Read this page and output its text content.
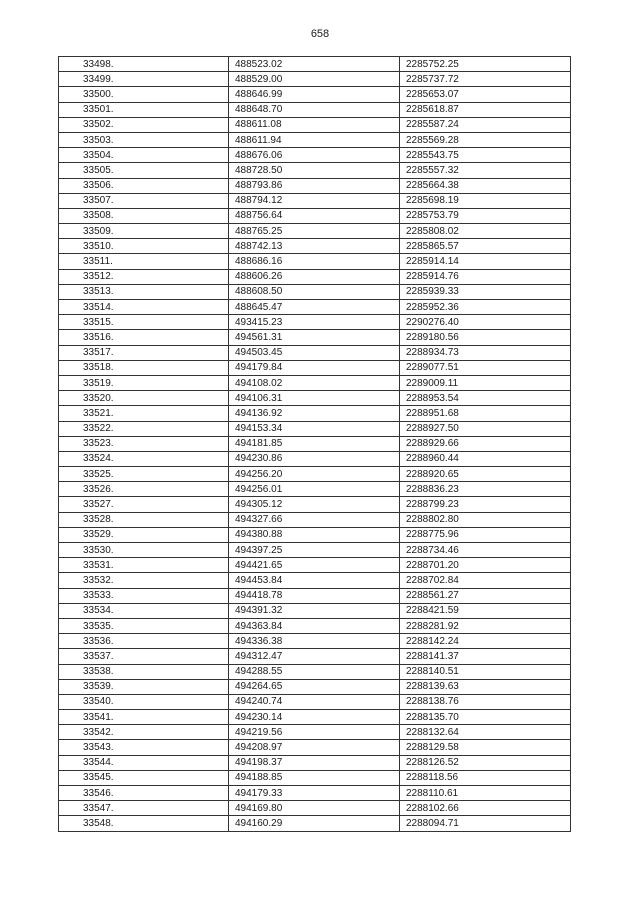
658
33498.	488523.02	2285752.25
33499.	488529.00	2285737.72
33500.	488646.99	2285653.07
33501.	488648.70	2285618.87
33502.	488611.08	2285587.24
33503.	488611.94	2285569.28
33504.	488676.06	2285543.75
33505.	488728.50	2285557.32
33506.	488793.86	2285664.38
33507.	488794.12	2285698.19
33508.	488756.64	2285753.79
33509.	488765.25	2285808.02
33510.	488742.13	2285865.57
33511.	488686.16	2285914.14
33512.	488606.26	2285914.76
33513.	488608.50	2285939.33
33514.	488645.47	2285952.36
33515.	493415.23	2290276.40
33516.	494561.31	2289180.56
33517.	494503.45	2288934.73
33518.	494179.84	2289077.51
33519.	494108.02	2289009.11
33520.	494106.31	2288953.54
33521.	494136.92	2288951.68
33522.	494153.34	2288927.50
33523.	494181.85	2288929.66
33524.	494230.86	2288960.44
33525.	494256.20	2288920.65
33526.	494256.01	2288836.23
33527.	494305.12	2288799.23
33528.	494327.66	2288802.80
33529.	494380.88	2288775.96
33530.	494397.25	2288734.46
33531.	494421.65	2288701.20
33532.	494453.84	2288702.84
33533.	494418.78	2288561.27
33534.	494391.32	2288421.59
33535.	494363.84	2288281.92
33536.	494336.38	2288142.24
33537.	494312.47	2288141.37
33538.	494288.55	2288140.51
33539.	494264.65	2288139.63
33540.	494240.74	2288138.76
33541.	494230.14	2288135.70
33542.	494219.56	2288132.64
33543.	494208.97	2288129.58
33544.	494198.37	2288126.52
33545.	494188.85	2288118.56
33546.	494179.33	2288110.61
33547.	494169.80	2288102.66
33548.	494160.29	2288094.71
